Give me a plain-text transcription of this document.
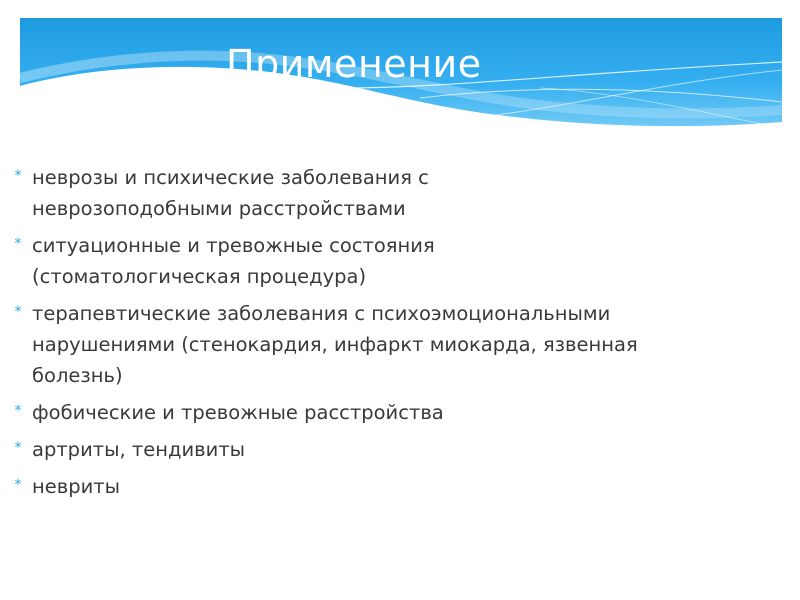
Применение
* неврозы и психические заболевания с неврозоподобными расстройствами
* ситуационные и тревожные состояния (стоматологическая процедура)
* терапевтические заболевания с психоэмоциональными нарушениями (стенокардия, инфаркт миокарда, язвенная болезнь)
* фобические и тревожные расстройства
* артриты, тендивиты
* невриты
